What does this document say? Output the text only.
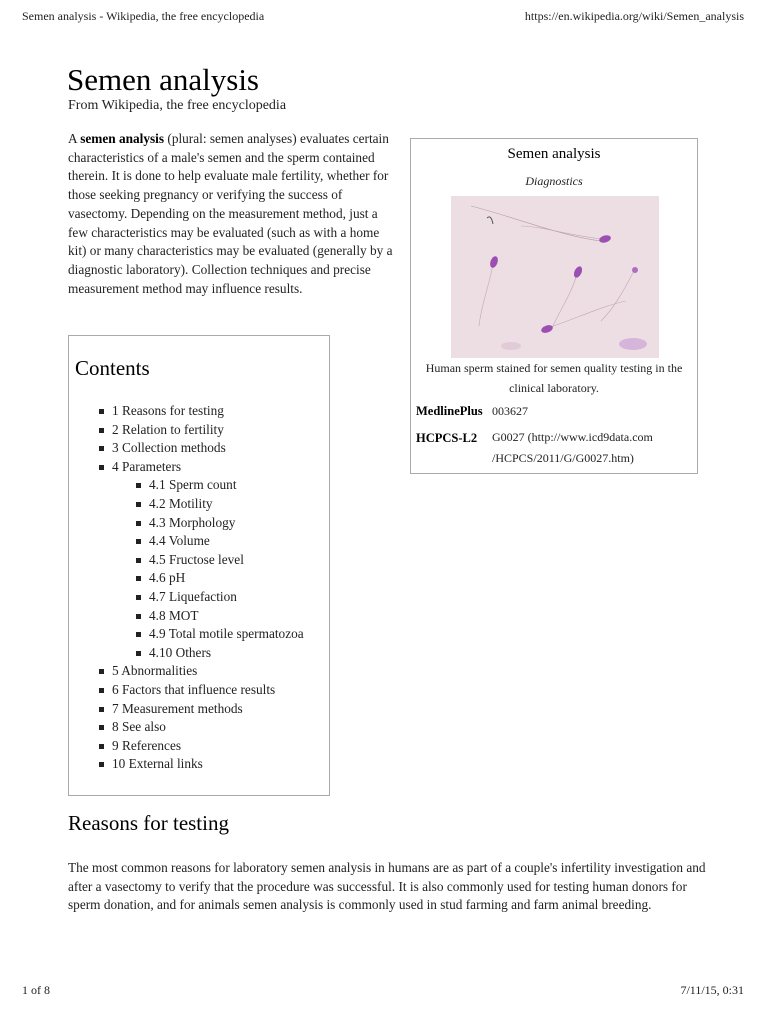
Semen analysis - Wikipedia, the free encyclopedia	https://en.wikipedia.org/wiki/Semen_analysis
Semen analysis
From Wikipedia, the free encyclopedia

A semen analysis (plural: semen analyses) evaluates certain characteristics of a male's semen and the sperm contained therein. It is done to help evaluate male fertility, whether for those seeking pregnancy or verifying the success of vasectomy. Depending on the measurement method, just a few characteristics may be evaluated (such as with a home kit) or many characteristics may be evaluated (generally by a diagnostic laboratory). Collection techniques and precise measurement method may influence results.

Semen analysis
Diagnostics
Human sperm stained for semen quality testing in the clinical laboratory.
MedlinePlus 003627
HCPCS-L2 G0027 (http://www.icd9data.com
/HCPCS/2011/G/G0027.htm)
Contents
1 Reasons for testing
2 Relation to fertility
3 Collection methods
4 Parameters
4.1 Sperm count
4.2 Motility
4.3 Morphology
4.4 Volume
4.5 Fructose level
4.6 pH
4.7 Liquefaction
4.8 MOT
4.9 Total motile spermatozoa
4.10 Others
5 Abnormalities
6 Factors that influence results
7 Measurement methods
8 See also
9 References
10 External links
Reasons for testing

The most common reasons for laboratory semen analysis in humans are as part of a couple's infertility investigation and after a vasectomy to verify that the procedure was successful. It is also commonly used for testing human donors for sperm donation, and for animals semen analysis is commonly used in stud farming and farm animal breeding.

1 of 8	7/11/15, 0:31
